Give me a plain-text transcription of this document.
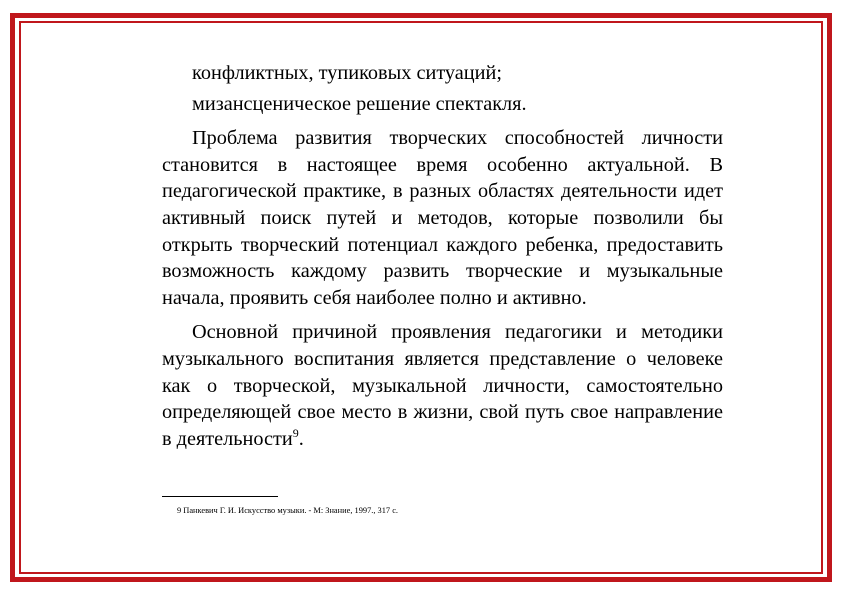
конфликтных, тупиковых ситуаций;

мизансценическое решение спектакля.

Проблема развития творческих способностей личности становится в настоящее время особенно актуальной. В педагогической практике, в разных областях деятельности идет активный поиск путей и методов, которые позволили бы открыть творческий потенциал каждого ребенка, предоставить возможность каждому развить творческие и музыкальные начала, проявить себя наиболее полно и активно.

Основной причиной проявления педагогики и методики музыкального воспитания является представление о человеке как о творческой, музыкальной личности, самостоятельно определяющей свое место в жизни, свой путь свое направление в деятельности$^9$.

9 Панкевич Г. И. Искусство музыки. - М: Знание, 1997., 317 с.
